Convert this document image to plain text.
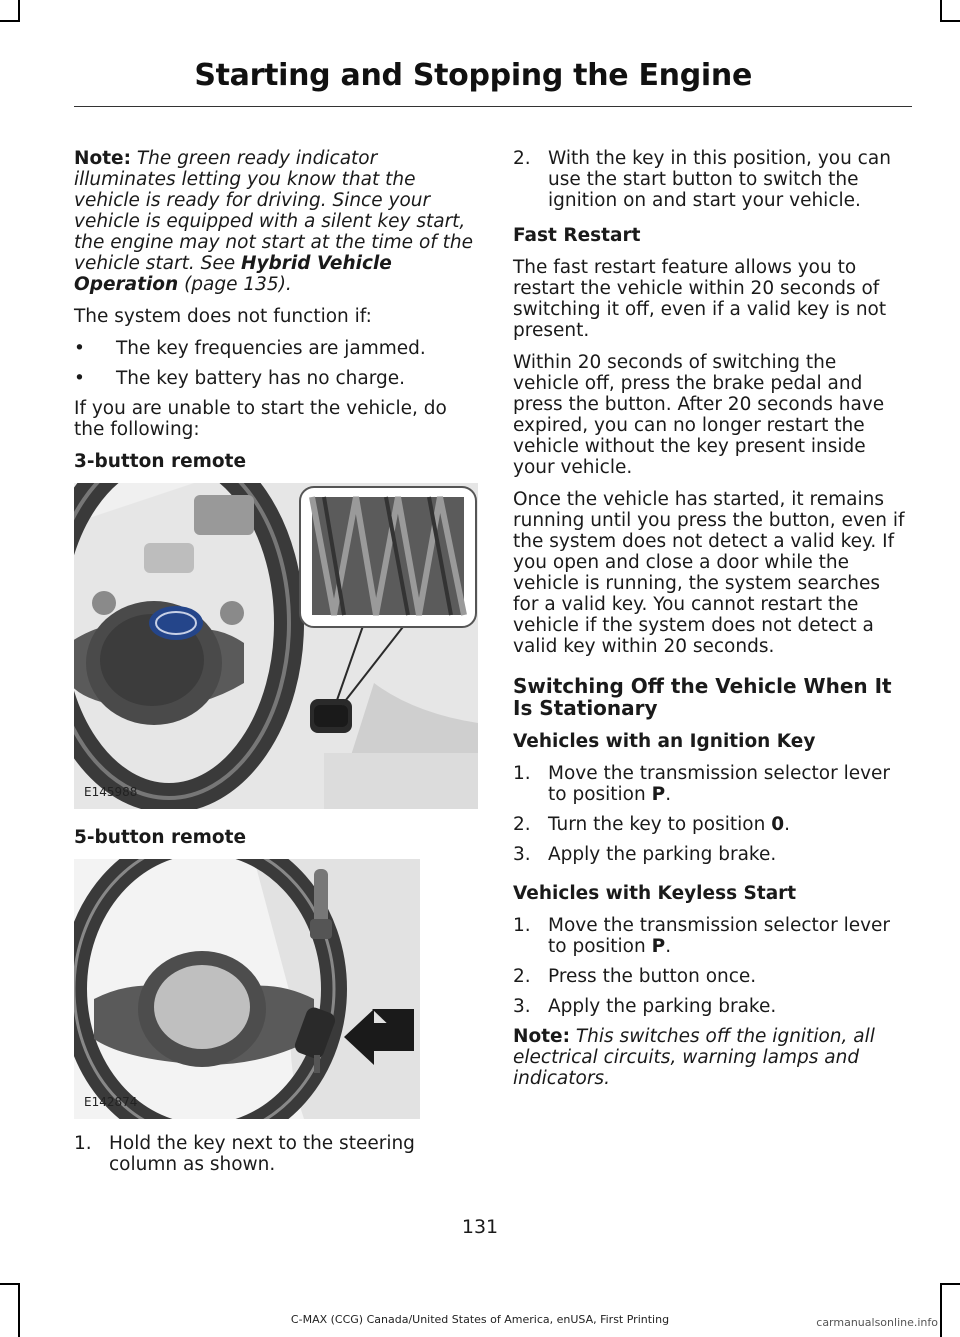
Starting and Stopping the Engine

Note: The green ready indicator illuminates letting you know that the vehicle is ready for driving. Since your vehicle is equipped with a silent key start, the engine may not start at the time of the vehicle start. See Hybrid Vehicle Operation (page 135).

The system does not function if:

• The key frequencies are jammed.
• The key battery has no charge.

If you are unable to start the vehicle, do the following:

3-button remote
E145988
5-button remote
E142874
1. Hold the key next to the steering column as shown.
2. With the key in this position, you can use the start button to switch the ignition on and start your vehicle.
Fast Restart

The fast restart feature allows you to restart the vehicle within 20 seconds of switching it off, even if a valid key is not present.

Within 20 seconds of switching the vehicle off, press the brake pedal and press the button. After 20 seconds have expired, you can no longer restart the vehicle without the key present inside your vehicle.

Once the vehicle has started, it remains running until you press the button, even if the system does not detect a valid key. If you open and close a door while the vehicle is running, the system searches for a valid key. You cannot restart the vehicle if the system does not detect a valid key within 20 seconds.

Switching Off the Vehicle When It Is Stationary
Vehicles with an Ignition Key
1. Move the transmission selector lever to position P.
2. Turn the key to position 0.
3. Apply the parking brake.
Vehicles with Keyless Start
1. Move the transmission selector lever to position P.
2. Press the button once.
3. Apply the parking brake.

Note: This switches off the ignition, all electrical circuits, warning lamps and indicators.

131
C-MAX (CCG) Canada/United States of America, enUSA, First Printing	carmanualsonline.info
